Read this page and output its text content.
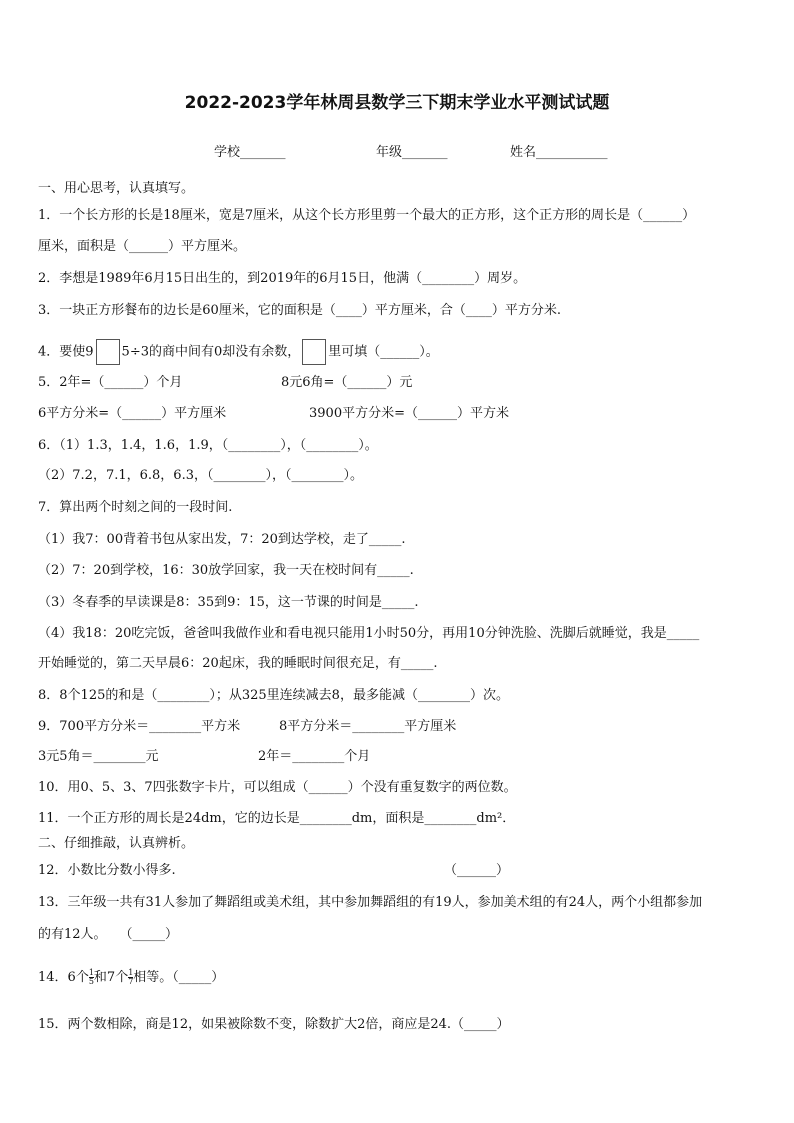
2022-2023学年林周县数学三下期末学业水平测试试题
学校_______	年级_______	姓名___________
一、用心思考，认真填写。
1．一个长方形的长是18厘米，宽是7厘米，从这个长方形里剪一个最大的正方形，这个正方形的周长是（______）
厘米，面积是（______）平方厘米。
2．李想是1989年6月15日出生的，到2019年的6月15日，他满（________）周岁。
3．一块正方形餐布的边长是60厘米，它的面积是（____）平方厘米，合（____）平方分米.
4．要使9 5÷3的商中间有0却没有余数， 里可填（______）。
5．2年=（______）个月	8元6角=（______）元
6平方分米=（______）平方厘米	3900平方分米=（______）平方米
6．（1）1.3，1.4，1.6，1.9，（________），（________）。
（2）7.2，7.1，6.8，6.3，（________），（________）。
7．算出两个时刻之间的一段时间.
（1）我7：00背着书包从家出发，7：20到达学校，走了_____.
（2）7：20到学校，16：30放学回家，我一天在校时间有_____.
（3）冬春季的早读课是8：35到9：15，这一节课的时间是_____.
（4）我18：20吃完饭，爸爸叫我做作业和看电视只能用1小时50分，再用10分钟洗脸、洗脚后就睡觉，我是_____
开始睡觉的，第二天早晨6：20起床，我的睡眠时间很充足，有_____.
8．8个125的和是（________）；从325里连续减去8，最多能减（________）次。
9．700平方分米＝________平方米	8平方分米＝________平方厘米
3元5角＝________元	2年＝________个月
10．用0、5、3、7四张数字卡片，可以组成（______）个没有重复数字的两位数。
11．一个正方形的周长是24dm，它的边长是________dm，面积是________dm²．
二、仔细推敲，认真辨析。
12．小数比分数小得多.	（______）
13．三年级一共有31人参加了舞蹈组或美术组，其中参加舞蹈组的有19人，参加美术组的有24人，两个小组都参加
的有12人。　　（_____）
14．6个 $\frac{1}{5}$ 和7个 $\frac{1}{7}$ 相等。（_____）
15．两个数相除，商是12，如果被除数不变，除数扩大2倍，商应是24.（_____）
